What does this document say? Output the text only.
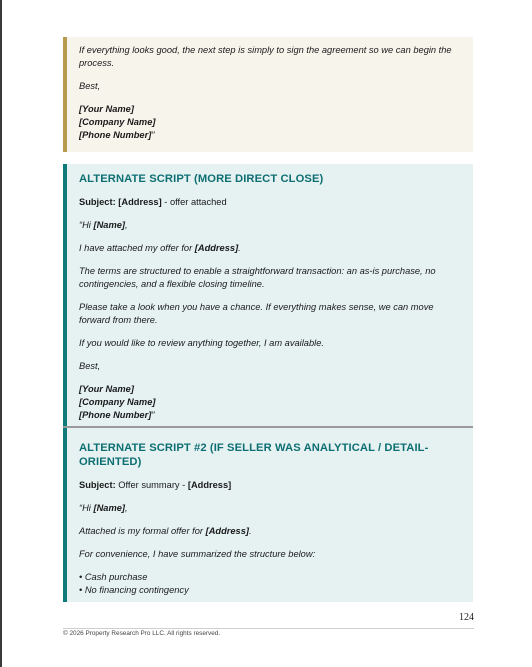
If everything looks good, the next step is simply to sign the agreement so we can begin the process.

Best,

[Your Name]

[Company Name]

[Phone Number]”

ALTERNATE SCRIPT (MORE DIRECT CLOSE)

Subject: [Address] - offer attached

“Hi [Name],

I have attached my offer for [Address].

The terms are structured to enable a straightforward transaction: an as-is purchase, no contingencies, and a flexible closing timeline.

Please take a look when you have a chance. If everything makes sense, we can move forward from there.

If you would like to review anything together, I am available.

Best,

[Your Name]

[Company Name]

[Phone Number]”

ALTERNATE SCRIPT #2 (IF SELLER WAS ANALYTICAL / DETAIL-ORIENTED)

Subject: Offer summary - [Address]

“Hi [Name],

Attached is my formal offer for [Address].

For convenience, I have summarized the structure below:

• Cash purchase

• No financing contingency

124
© 2026 Property Research Pro LLC. All rights reserved.
